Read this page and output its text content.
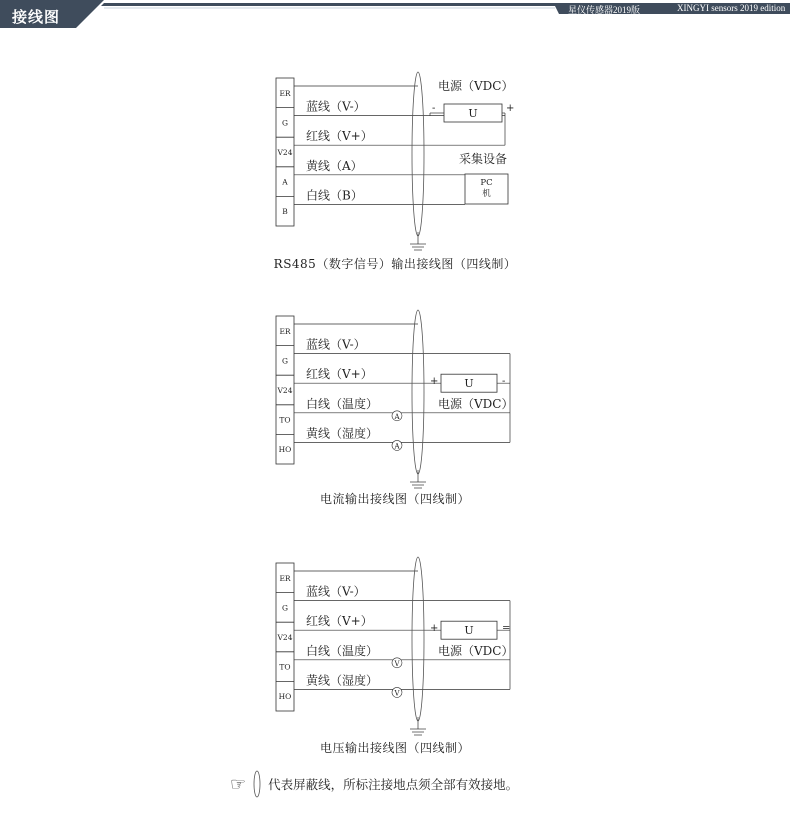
接线图	星仪传感器2019版	XINGYI sensors 2019 edition
ER
G
V24
A
B
蓝线（V-）
红线（V+）
黄线（A）
白线（B）
电源（VDC）
U
-	+
采集设备
PC
机
RS485（数字信号）输出接线图（四线制）
ER
G
V24
TO
HO
蓝线（V-）
红线（V+）
白线（温度）
黄线（湿度）
A
A
U
+	-
电源（VDC）
电流输出接线图（四线制）
ER
G
V24
TO
HO
蓝线（V-）
红线（V+）
白线（温度）
黄线（湿度）
V
V
U
+	=
电源（VDC）
电压输出接线图（四线制）
☞ 代表屏蔽线，所标注接地点须全部有效接地。
